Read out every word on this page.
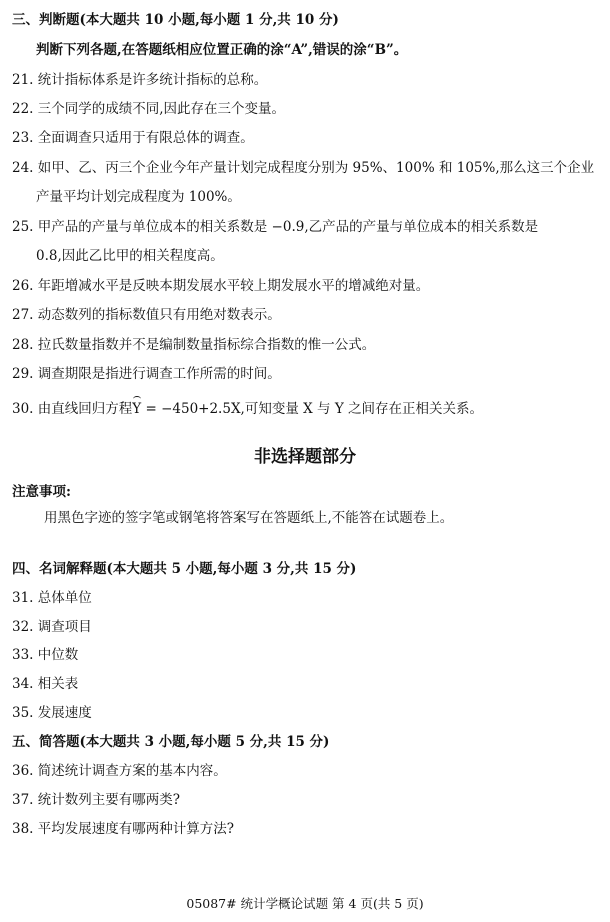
三、判断题(本大题共 10 小题,每小题 1 分,共 10 分)
判断下列各题,在答题纸相应位置正确的涂“A”,错误的涂“B”。
21. 统计指标体系是许多统计指标的总称。
22. 三个同学的成绩不同,因此存在三个变量。
23. 全面调查只适用于有限总体的调查。
24. 如甲、乙、丙三个企业今年产量计划完成程度分别为 95%、100% 和 105%,那么这三个企业
产量平均计划完成程度为 100%。
25. 甲产品的产量与单位成本的相关系数是 −0.9,乙产品的产量与单位成本的相关系数是
0.8,因此乙比甲的相关程度高。
26. 年距增减水平是反映本期发展水平较上期发展水平的增减绝对量。
27. 动态数列的指标数值只有用绝对数表示。
28. 拉氏数量指数并不是编制数量指标综合指数的惟一公式。
29. 调查期限是指进行调查工作所需的时间。
30. 由直线回归方程Y = −450+2.5X,可知变量 X 与 Y 之间存在正相关关系。
非选择题部分
注意事项:
用黑色字迹的签字笔或钢笔将答案写在答题纸上,不能答在试题卷上。
四、名词解释题(本大题共 5 小题,每小题 3 分,共 15 分)
31. 总体单位
32. 调查项目
33. 中位数
34. 相关表
35. 发展速度
五、简答题(本大题共 3 小题,每小题 5 分,共 15 分)
36. 简述统计调查方案的基本内容。
37. 统计数列主要有哪两类?
38. 平均发展速度有哪两种计算方法?
05087# 统计学概论试题 第 4 页(共 5 页)
